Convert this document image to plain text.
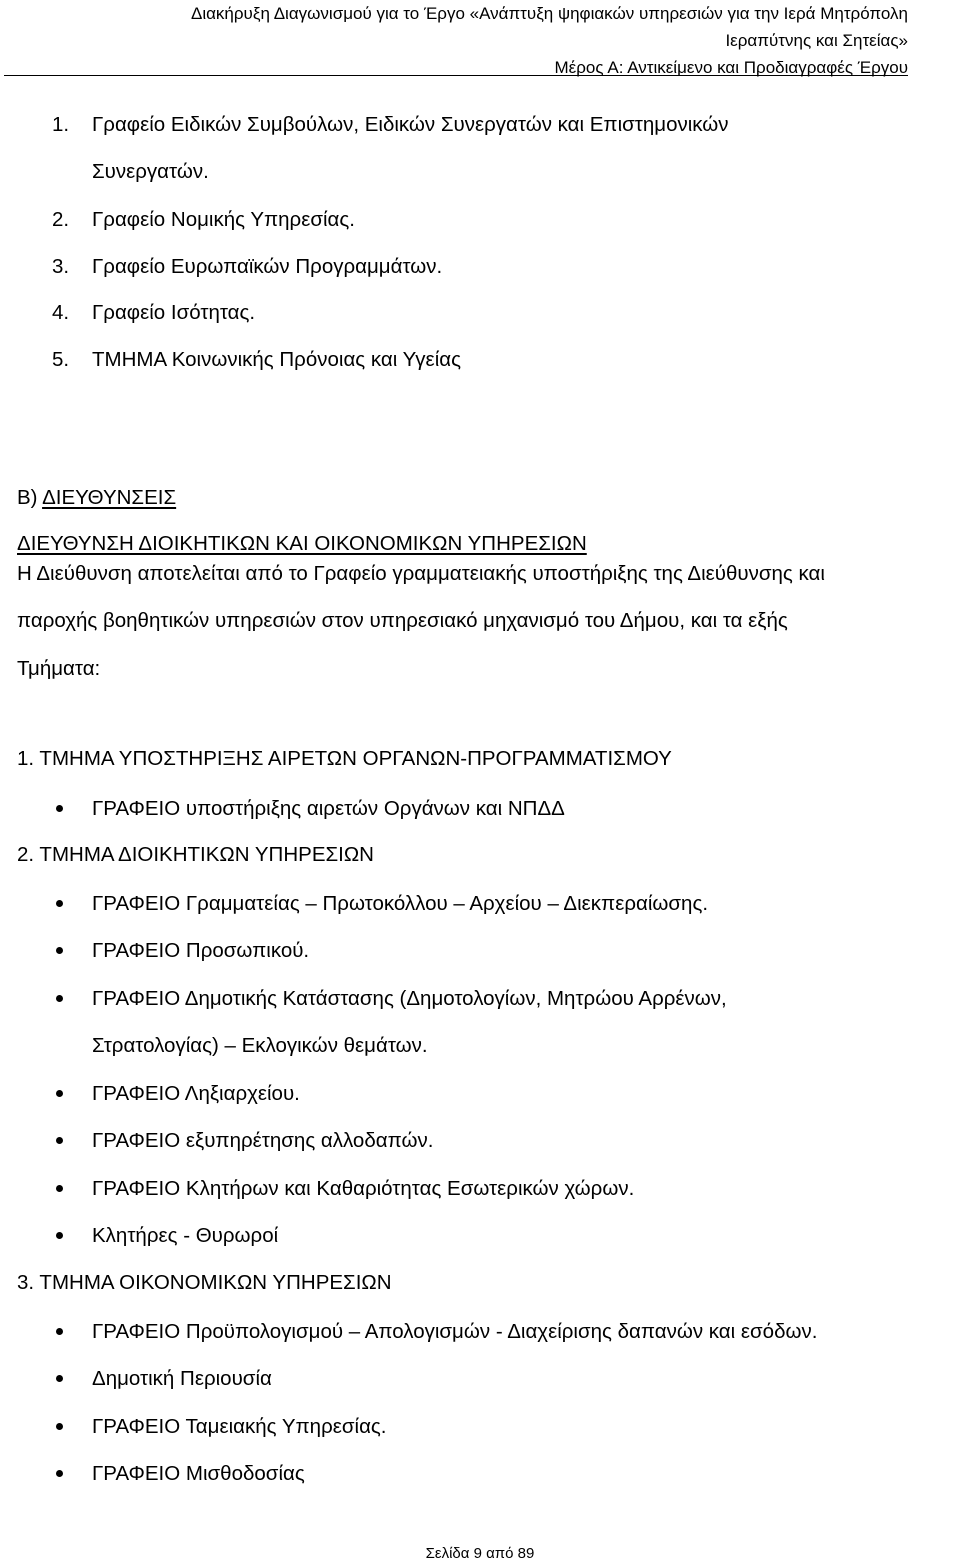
Διακήρυξη Διαγωνισμού για το Έργο «Ανάπτυξη ψηφιακών υπηρεσιών για την Ιερά Μητρόπολη
Ιεραπύτνης και Σητείας»
Μέρος Α: Αντικείμενο και Προδιαγραφές Έργου
1. Γραφείο Ειδικών Συμβούλων, Ειδικών Συνεργατών και Επιστημονικών
Συνεργατών.
2. Γραφείο Νομικής Υπηρεσίας.
3. Γραφείο Ευρωπαϊκών Προγραμμάτων.
4. Γραφείο Ισότητας.
5. ΤΜΗΜΑ Κοινωνικής Πρόνοιας και Υγείας
Β) ΔΙΕΥΘΥΝΣΕΙΣ
ΔΙΕΥΘΥΝΣΗ ΔΙΟΙΚΗΤΙΚΩΝ ΚΑΙ ΟΙΚΟΝΟΜΙΚΩΝ ΥΠΗΡΕΣΙΩΝ
Η Διεύθυνση αποτελείται από το Γραφείο γραμματειακής υποστήριξης της Διεύθυνσης και
παροχής βοηθητικών υπηρεσιών στον υπηρεσιακό μηχανισμό του Δήμου, και τα εξής
Τμήματα:
1. ΤΜΗΜΑ ΥΠΟΣΤΗΡΙΞΗΣ ΑΙΡΕΤΩΝ ΟΡΓΑΝΩΝ-ΠΡΟΓΡΑΜΜΑΤΙΣΜΟΥ
ΓΡΑΦΕΙΟ υποστήριξης αιρετών Οργάνων και ΝΠΔΔ
2. ΤΜΗΜΑ ΔΙΟΙΚΗΤΙΚΩΝ ΥΠΗΡΕΣΙΩΝ
ΓΡΑΦΕΙΟ Γραμματείας – Πρωτοκόλλου – Αρχείου – Διεκπεραίωσης.
ΓΡΑΦΕΙΟ Προσωπικού.
ΓΡΑΦΕΙΟ Δημοτικής Κατάστασης (Δημοτολογίων, Μητρώου Αρρένων,
Στρατολογίας) – Εκλογικών θεμάτων.
ΓΡΑΦΕΙΟ Ληξιαρχείου.
ΓΡΑΦΕΙΟ εξυπηρέτησης αλλοδαπών.
ΓΡΑΦΕΙΟ Κλητήρων και Καθαριότητας Εσωτερικών χώρων.
Κλητήρες - Θυρωροί
3. ΤΜΗΜΑ ΟΙΚΟΝΟΜΙΚΩΝ ΥΠΗΡΕΣΙΩΝ
ΓΡΑΦΕΙΟ Προϋπολογισμού – Απολογισμών - Διαχείρισης δαπανών και εσόδων.
Δημοτική Περιουσία
ΓΡΑΦΕΙΟ Ταμειακής Υπηρεσίας.
ΓΡΑΦΕΙΟ Μισθοδοσίας
Σελίδα 9 από 89
